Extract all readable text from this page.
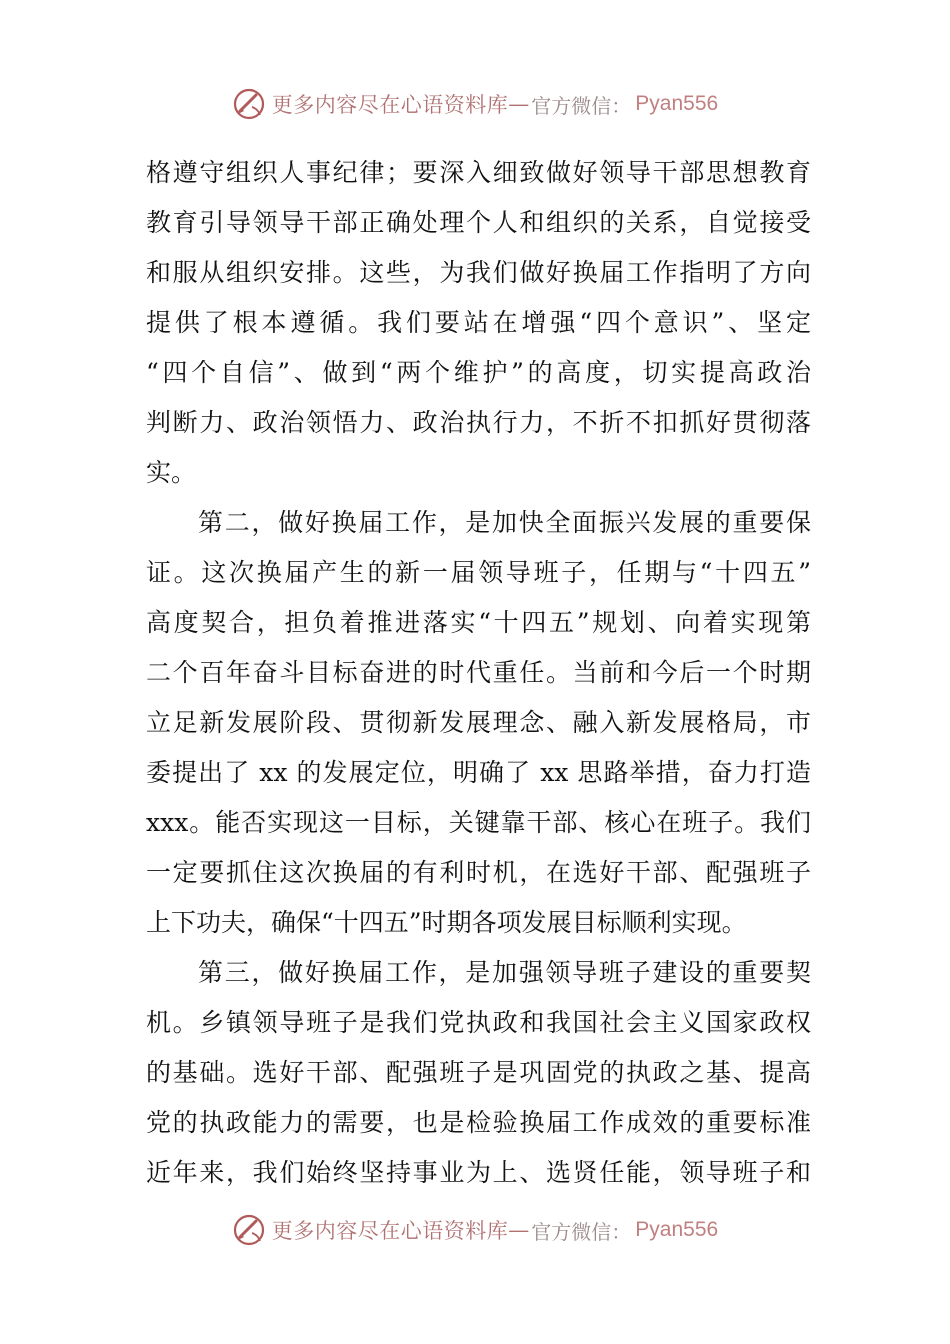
更多内容尽在心语资料库 — 官方微信： Pyan556
格遵守组织人事纪律；要深入细致做好领导干部思想教育
教育引导领导干部正确处理个人和组织的关系，自觉接受
和服从组织安排。这些，为我们做好换届工作指明了方向
提供了根本遵循。我们要站在增强“四个意识”、坚定
“四个自信”、做到“两个维护”的高度，切实提高政治
判断力、政治领悟力、政治执行力，不折不扣抓好贯彻落
实。
第二，做好换届工作，是加快全面振兴发展的重要保
证。这次换届产生的新一届领导班子，任期与“十四五”
高度契合，担负着推进落实“十四五”规划、向着实现第
二个百年奋斗目标奋进的时代重任。当前和今后一个时期
立足新发展阶段、贯彻新发展理念、融入新发展格局，市
委提出了 xx 的发展定位，明确了 xx 思路举措，奋力打造
xxx。能否实现这一目标，关键靠干部、核心在班子。我们
一定要抓住这次换届的有利时机，在选好干部、配强班子
上下功夫，确保“十四五”时期各项发展目标顺利实现。
第三，做好换届工作，是加强领导班子建设的重要契
机。乡镇领导班子是我们党执政和我国社会主义国家政权
的基础。选好干部、配强班子是巩固党的执政之基、提高
党的执政能力的需要，也是检验换届工作成效的重要标准
近年来，我们始终坚持事业为上、选贤任能，领导班子和
更多内容尽在心语资料库 — 官方微信： Pyan556
